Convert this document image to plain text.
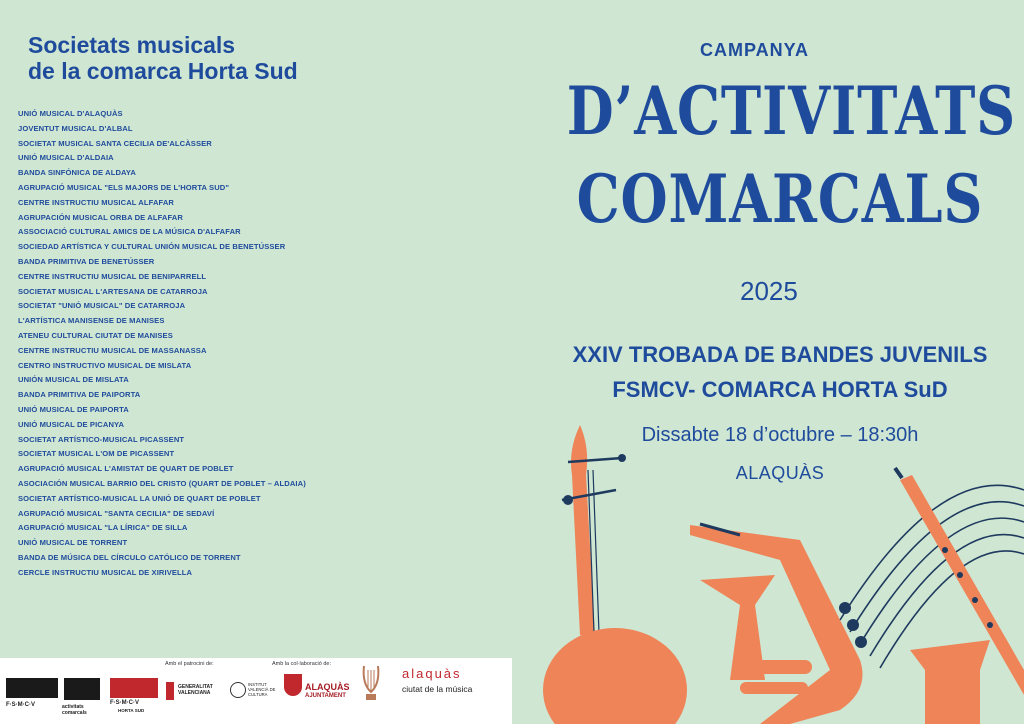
Societats musicals
de la comarca Horta Sud
UNIÓ MUSICAL D'ALAQUÀS
JOVENTUT MUSICAL D'ALBAL
SOCIETAT MUSICAL SANTA CECILIA DE'ALCÀSSER
UNIÓ MUSICAL D'ALDAIA
BANDA SINFÓNICA DE ALDAYA
AGRUPACIÓ MUSICAL "ELS MAJORS DE L'HORTA SUD"
CENTRE INSTRUCTIU MUSICAL ALFAFAR
AGRUPACIÓN MUSICAL ORBA DE ALFAFAR
ASSOCIACIÓ CULTURAL AMICS DE LA MÚSICA D'ALFAFAR
SOCIEDAD ARTÍSTICA Y CULTURAL UNIÓN MUSICAL DE BENETÚSSER
BANDA PRIMITIVA DE BENETÚSSER
CENTRE INSTRUCTIU MUSICAL DE BENIPARRELL
SOCIETAT MUSICAL L'ARTESANA DE CATARROJA
SOCIETAT "UNIÓ MUSICAL" DE CATARROJA
L'ARTÍSTICA MANISENSE DE MANISES
ATENEU CULTURAL CIUTAT DE MANISES
CENTRE INSTRUCTIU MUSICAL DE MASSANASSA
CENTRO INSTRUCTIVO MUSICAL DE MISLATA
UNIÓN MUSICAL DE MISLATA
BANDA PRIMITIVA DE PAIPORTA
UNIÓ MUSICAL DE PAIPORTA
UNIÓ MUSICAL DE PICANYA
SOCIETAT ARTÍSTICO-MUSICAL PICASSENT
SOCIETAT MUSICAL L'OM DE PICASSENT
AGRUPACIÓ MUSICAL L'AMISTAT DE QUART DE POBLET
ASOCIACIÓN MUSICAL BARRIO DEL CRISTO (QUART DE POBLET – ALDAIA)
SOCIETAT ARTÍSTICO-MUSICAL LA UNIÓ DE QUART DE POBLET
AGRUPACIÓ MUSICAL "SANTA CECILIA" DE SEDAVÍ
AGRUPACIÓ MUSICAL "LA LÍRICA" DE SILLA
UNIÓ MUSICAL DE TORRENT
BANDA DE MÚSICA DEL CÍRCULO CATÓLICO DE TORRENT
CERCLE INSTRUCTIU MUSICAL DE XIRIVELLA
CAMPANYA
D’ACTIVITATS
COMARCALS
2025
XXIV TROBADA DE BANDES JUVENILS
FSMCV- COMARCA HORTA SuD
Dissabte 18 d’octubre – 18:30h
ALAQUÀS
Amb el patrocini de:	Amb la col·laboració de:
F·S·M·C·V	activitats comarcals
F·S·M·C·V
HORTA SUD
GENERALITAT VALENCIANA
INSTITUT VALENCIÀ DE CULTURA
ALAQUÀS
AJUNTAMENT
alaquàs
ciutat de la música
